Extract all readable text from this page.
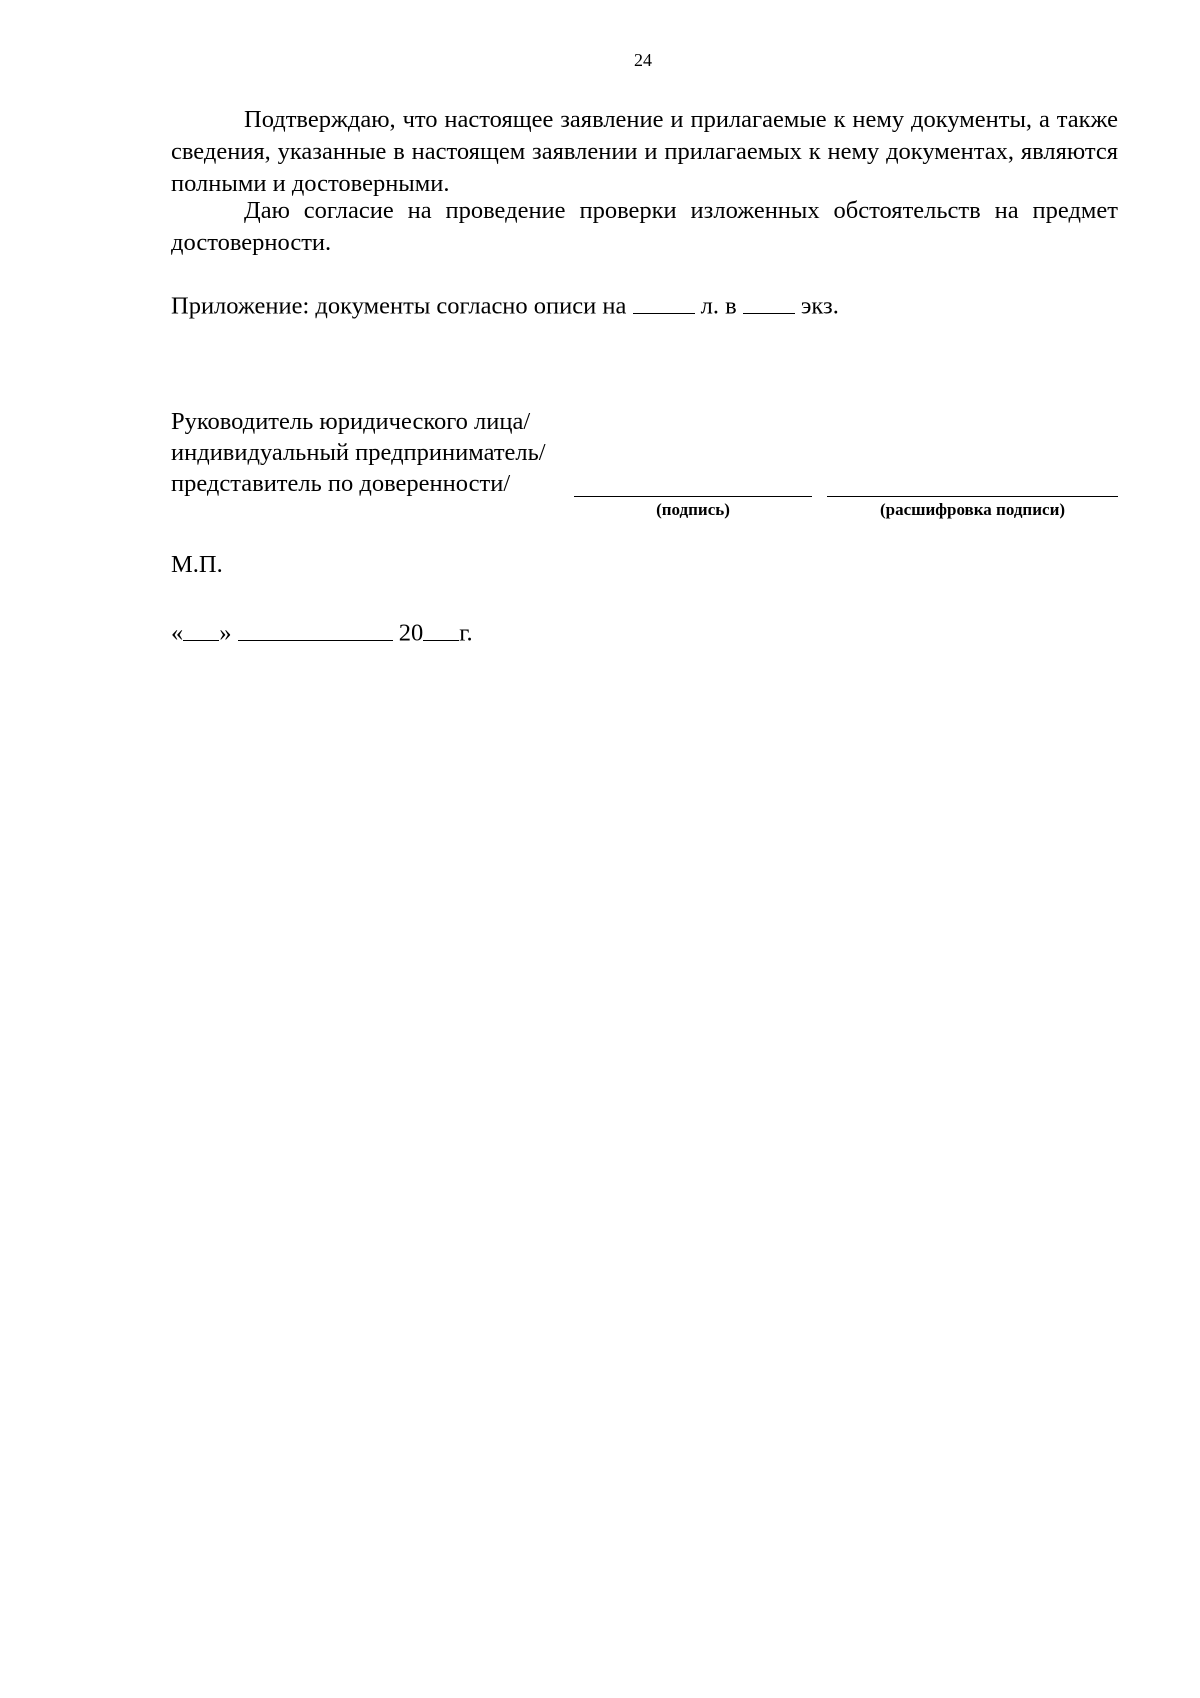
24
Подтверждаю, что настоящее заявление и прилагаемые к нему документы, а также сведения, указанные в настоящем заявлении и прилагаемых к нему документах, являются полными и достоверными.
Даю согласие на проведение проверки изложенных обстоятельств на предмет достоверности.
Приложение: документы согласно описи на	л. в	экз.
Руководитель юридического лица/
индивидуальный предприниматель/
представитель по доверенности/
(подпись)	(расшифровка подписи)
М.П.
« »	20 г.
